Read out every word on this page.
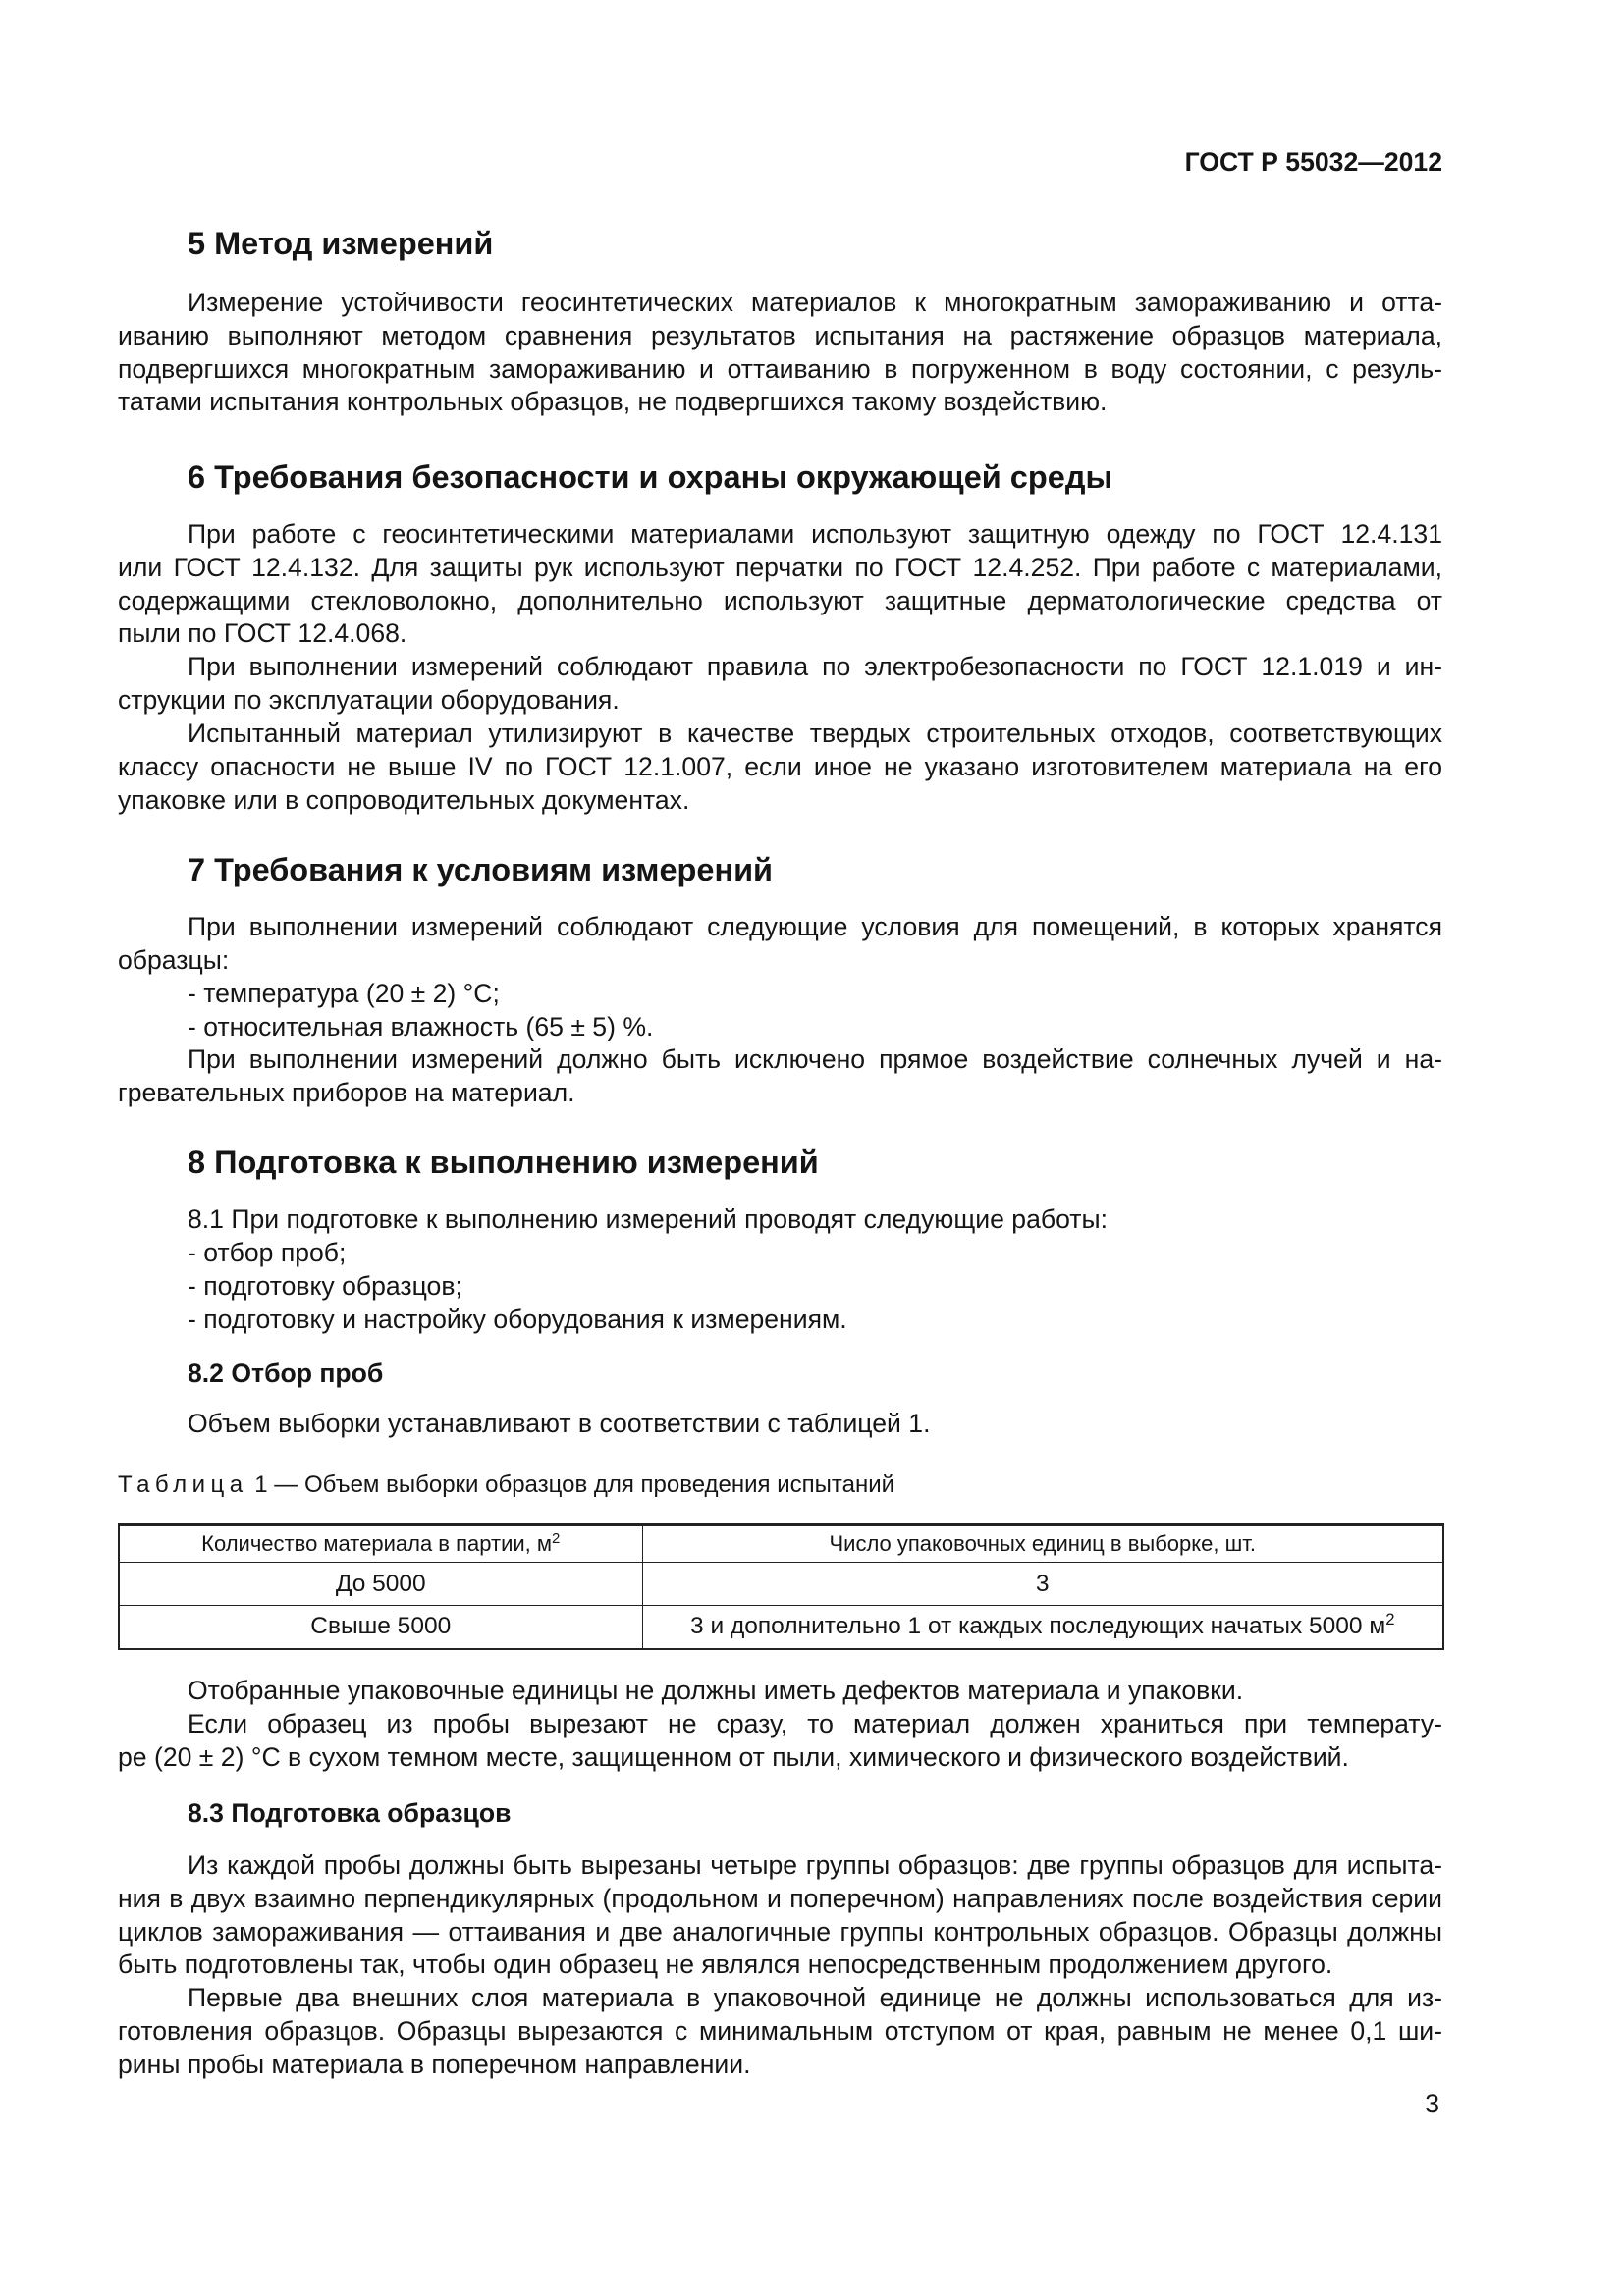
ГОСТ Р 55032—2012
5 Метод измерений
Измерение устойчивости геосинтетических материалов к многократным замораживанию и отта-
иванию выполняют методом сравнения результатов испытания на растяжение образцов материала,
подвергшихся многократным замораживанию и оттаиванию в погруженном в воду состоянии, с резуль-
татами испытания контрольных образцов, не подвергшихся такому воздействию.
6 Требования безопасности и охраны окружающей среды
При работе с геосинтетическими материалами используют защитную одежду по ГОСТ 12.4.131
или ГОСТ 12.4.132. Для защиты рук используют перчатки по ГОСТ 12.4.252. При работе с материалами,
содержащими стекловолокно, дополнительно используют защитные дерматологические средства от
пыли по ГОСТ 12.4.068.
При выполнении измерений соблюдают правила по электробезопасности по ГОСТ 12.1.019 и ин-
струкции по эксплуатации оборудования.
Испытанный материал утилизируют в качестве твердых строительных отходов, соответствующих
классу опасности не выше IV по ГОСТ 12.1.007, если иное не указано изготовителем материала на его
упаковке или в сопроводительных документах.
7 Требования к условиям измерений
При выполнении измерений соблюдают следующие условия для помещений, в которых хранятся
образцы:
- температура (20 ± 2) °С;
- относительная влажность (65 ± 5) %.
При выполнении измерений должно быть исключено прямое воздействие солнечных лучей и на-
гревательных приборов на материал.
8 Подготовка к выполнению измерений
8.1 При подготовке к выполнению измерений проводят следующие работы:
- отбор проб;
- подготовку образцов;
- подготовку и настройку оборудования к измерениям.
8.2 Отбор проб
Объем выборки устанавливают в соответствии с таблицей 1.
Таблица 1 — Объем выборки образцов для проведения испытаний
Количество материала в партии, $м^2$	Число упаковочных единиц в выборке, шт.
До 5000	3
Свыше 5000	3 и дополнительно 1 от каждых последующих начатых 5000 $м^2$
Отобранные упаковочные единицы не должны иметь дефектов материала и упаковки.
Если образец из пробы вырезают не сразу, то материал должен храниться при температу-
ре (20 ± 2) °С в сухом темном месте, защищенном от пыли, химического и физического воздействий.
8.3 Подготовка образцов
Из каждой пробы должны быть вырезаны четыре группы образцов: две группы образцов для испыта-
ния в двух взаимно перпендикулярных (продольном и поперечном) направлениях после воздействия серии
циклов замораживания — оттаивания и две аналогичные группы контрольных образцов. Образцы должны
быть подготовлены так, чтобы один образец не являлся непосредственным продолжением другого.
Первые два внешних слоя материала в упаковочной единице не должны использоваться для из-
готовления образцов. Образцы вырезаются с минимальным отступом от края, равным не менее 0,1 ши-
рины пробы материала в поперечном направлении.
3
